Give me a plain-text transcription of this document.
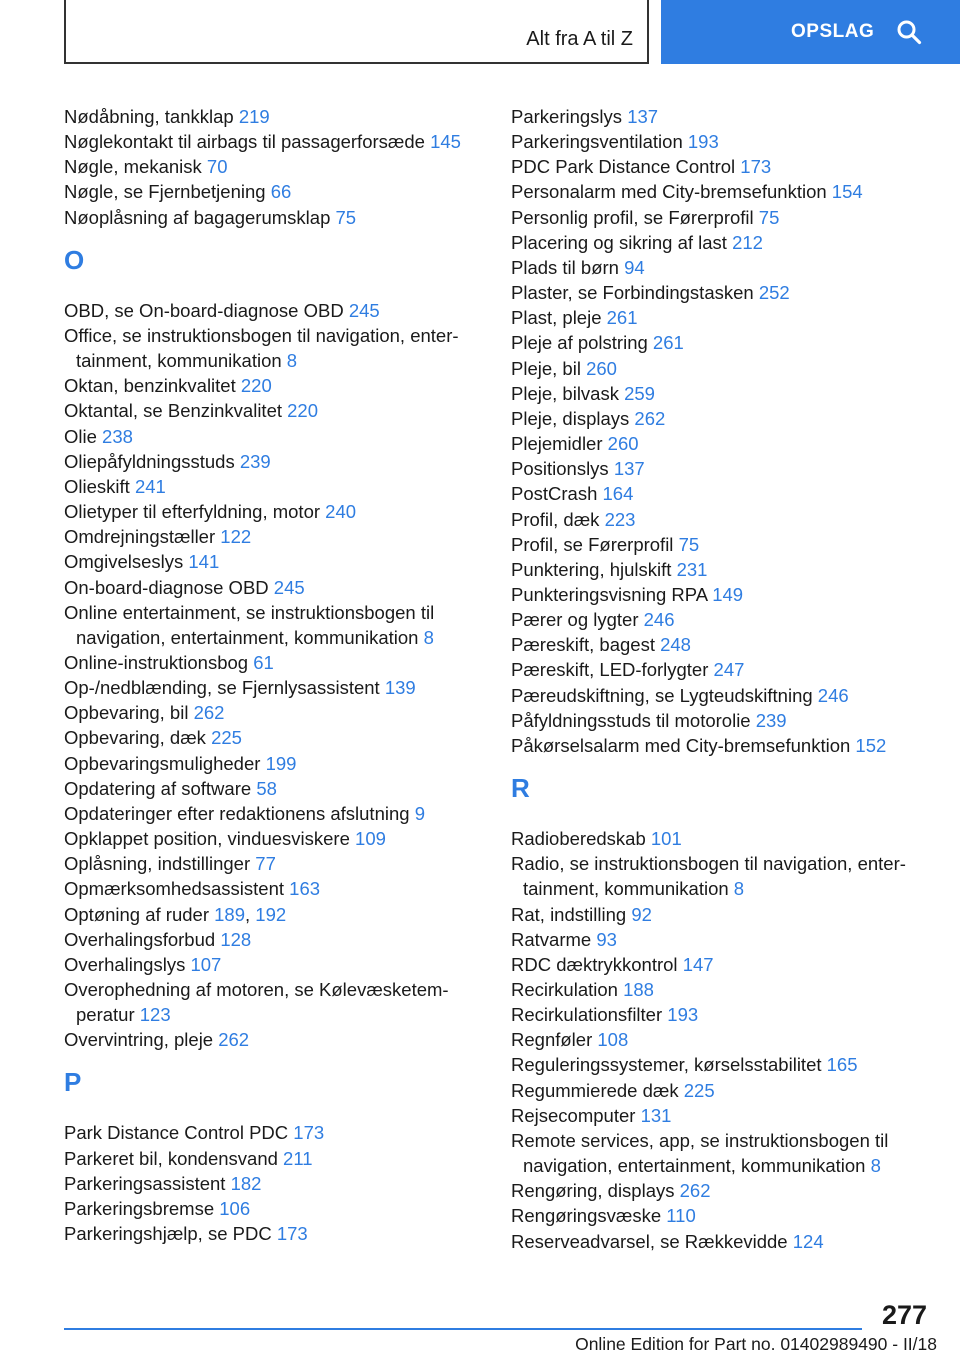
Alt fra A til Z	OPSLAG
Nødåbning, tankklap 219
Nøglekontakt til airbags til passagerforsæde 145
Nøgle, mekanisk 70
Nøgle, se Fjernbetjening 66
Nøoplåsning af bagagerumsklap 75
O
OBD, se On-board-diagnose OBD 245
Office, se instruktionsbogen til navigation, entertainment, kommunikation 8
Oktan, benzinkvalitet 220
Oktantal, se Benzinkvalitet 220
Olie 238
Oliepåfyldningsstuds 239
Olieskift 241
Olietyper til efterfyldning, motor 240
Omdrejningstæller 122
Omgivelseslys 141
On-board-diagnose OBD 245
Online entertainment, se instruktionsbogen til navigation, entertainment, kommunikation 8
Online-instruktionsbog 61
Op-/nedblænding, se Fjernlysassistent 139
Opbevaring, bil 262
Opbevaring, dæk 225
Opbevaringsmuligheder 199
Opdatering af software 58
Opdateringer efter redaktionens afslutning 9
Opklappet position, vinduesviskere 109
Oplåsning, indstillinger 77
Opmærksomhedsassistent 163
Optøning af ruder 189, 192
Overhalingsforbud 128
Overhalingslys 107
Overophedning af motoren, se Kølevæsketemperatur 123
Overvintring, pleje 262
P
Park Distance Control PDC 173
Parkeret bil, kondensvand 211
Parkeringsassistent 182
Parkeringsbremse 106
Parkeringshjælp, se PDC 173
Parkeringslys 137
Parkeringsventilation 193
PDC Park Distance Control 173
Personalarm med City-bremsefunktion 154
Personlig profil, se Førerprofil 75
Placering og sikring af last 212
Plads til børn 94
Plaster, se Forbindingstasken 252
Plast, pleje 261
Pleje af polstring 261
Pleje, bil 260
Pleje, bilvask 259
Pleje, displays 262
Plejemidler 260
Positionslys 137
PostCrash 164
Profil, dæk 223
Profil, se Førerprofil 75
Punktering, hjulskift 231
Punkteringsvisning RPA 149
Pærer og lygter 246
Pæreskift, bagest 248
Pæreskift, LED-forlygter 247
Pæreudskiftning, se Lygteudskiftning 246
Påfyldningsstuds til motorolie 239
Påkørselsalarm med City-bremsefunktion 152
R
Radioberedskab 101
Radio, se instruktionsbogen til navigation, entertainment, kommunikation 8
Rat, indstilling 92
Ratvarme 93
RDC dæktrykkontrol 147
Recirkulation 188
Recirkulationsfilter 193
Regnføler 108
Reguleringssystemer, kørselsstabilitet 165
Regummierede dæk 225
Rejsecomputer 131
Remote services, app, se instruktionsbogen til navigation, entertainment, kommunikation 8
Rengøring, displays 262
Rengøringsvæske 110
Reserveadvarsel, se Rækkevidde 124
277
Online Edition for Part no. 01402989490 - II/18
